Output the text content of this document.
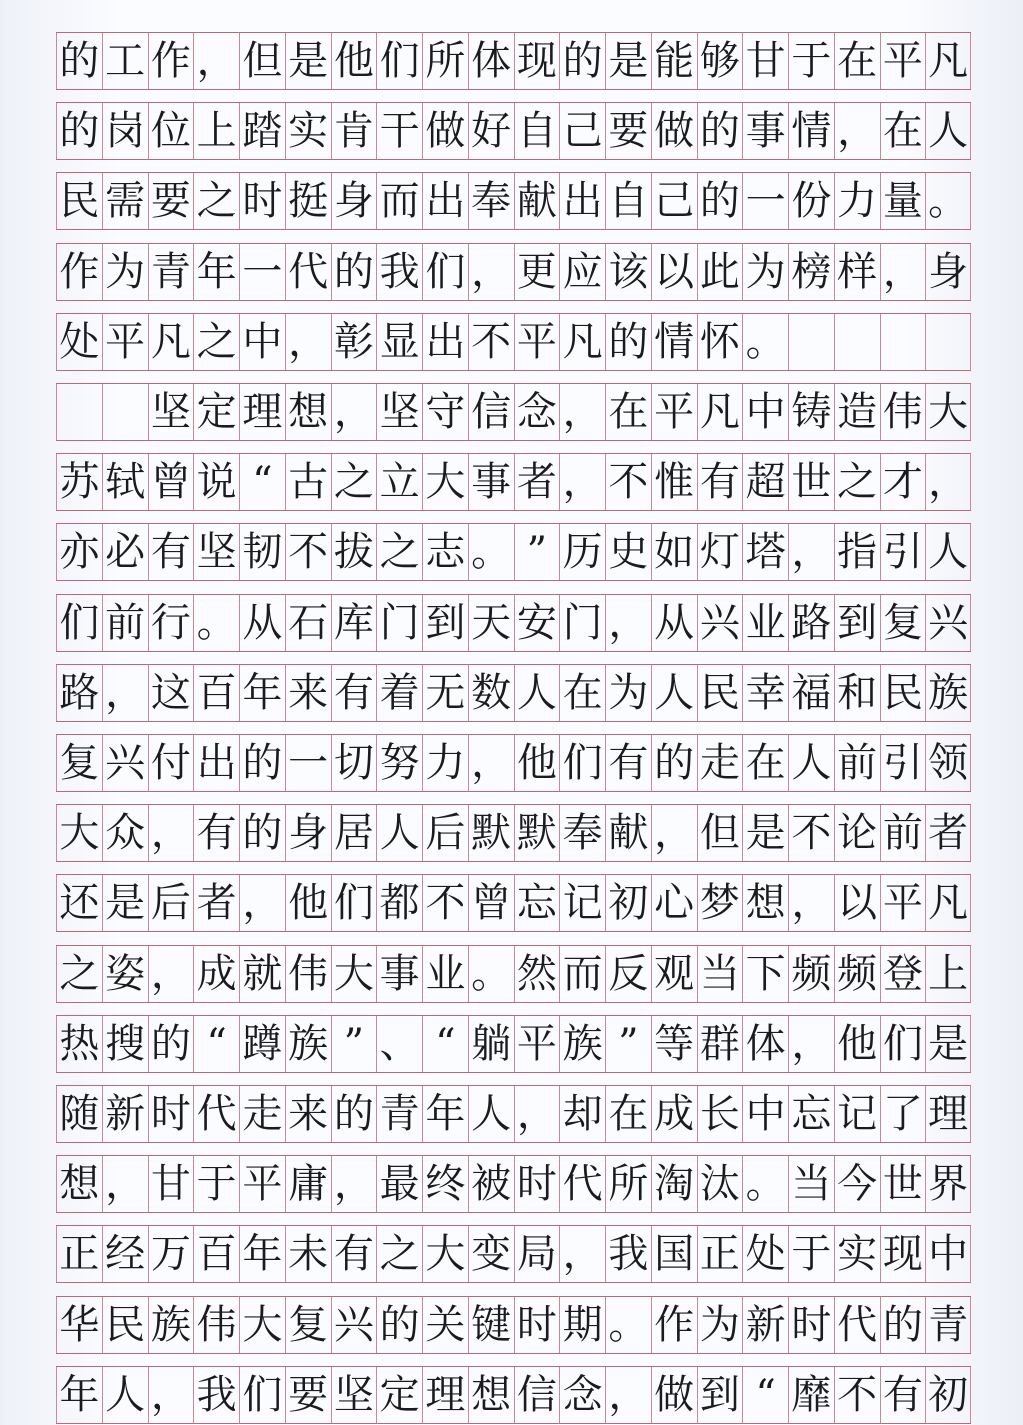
的 工 作 ， 但 是 他 们 所 体 现 的 是 能 够 甘 于 在 平 凡
的 岗 位 上 踏 实 肯 干 做 好 自 己 要 做 的 事 情 ， 在 人
民 需 要 之 时 挺 身 而 出 奉 献 出 自 己 的 一 份 力 量 。
作 为 青 年 一 代 的 我 们 ， 更 应 该 以 此 为 榜 样 ， 身
处 平 凡 之 中 ， 彰 显 出 不 平 凡 的 情 怀 。
坚 定 理 想 ， 坚 守 信 念 ， 在 平 凡 中 铸 造 伟 大
苏 轼 曾 说 “ 古 之 立 大 事 者 ， 不 惟 有 超 世 之 才 ，
亦 必 有 坚 韧 不 拔 之 志 。 ” 历 史 如 灯 塔 ， 指 引 人
们 前 行 。 从 石 库 门 到 天 安 门 ， 从 兴 业 路 到 复 兴
路 ， 这 百 年 来 有 着 无 数 人 在 为 人 民 幸 福 和 民 族
复 兴 付 出 的 一 切 努 力 ， 他 们 有 的 走 在 人 前 引 领
大 众 ， 有 的 身 居 人 后 默 默 奉 献 ， 但 是 不 论 前 者
还 是 后 者 ， 他 们 都 不 曾 忘 记 初 心 梦 想 ， 以 平 凡
之 姿 ， 成 就 伟 大 事 业 。 然 而 反 观 当 下 频 频 登 上
热 搜 的 “ 蹲 族 ” 、 “ 躺 平 族 ” 等 群 体 ， 他 们 是
随 新 时 代 走 来 的 青 年 人 ， 却 在 成 长 中 忘 记 了 理
想 ， 甘 于 平 庸 ， 最 终 被 时 代 所 淘 汰 。 当 今 世 界
正 经 万 百 年 未 有 之 大 变 局 ， 我 国 正 处 于 实 现 中
华 民 族 伟 大 复 兴 的 关 键 时 期 。 作 为 新 时 代 的 青
年 人 ， 我 们 要 坚 定 理 想 信 念 ， 做 到 “ 靡 不 有 初
